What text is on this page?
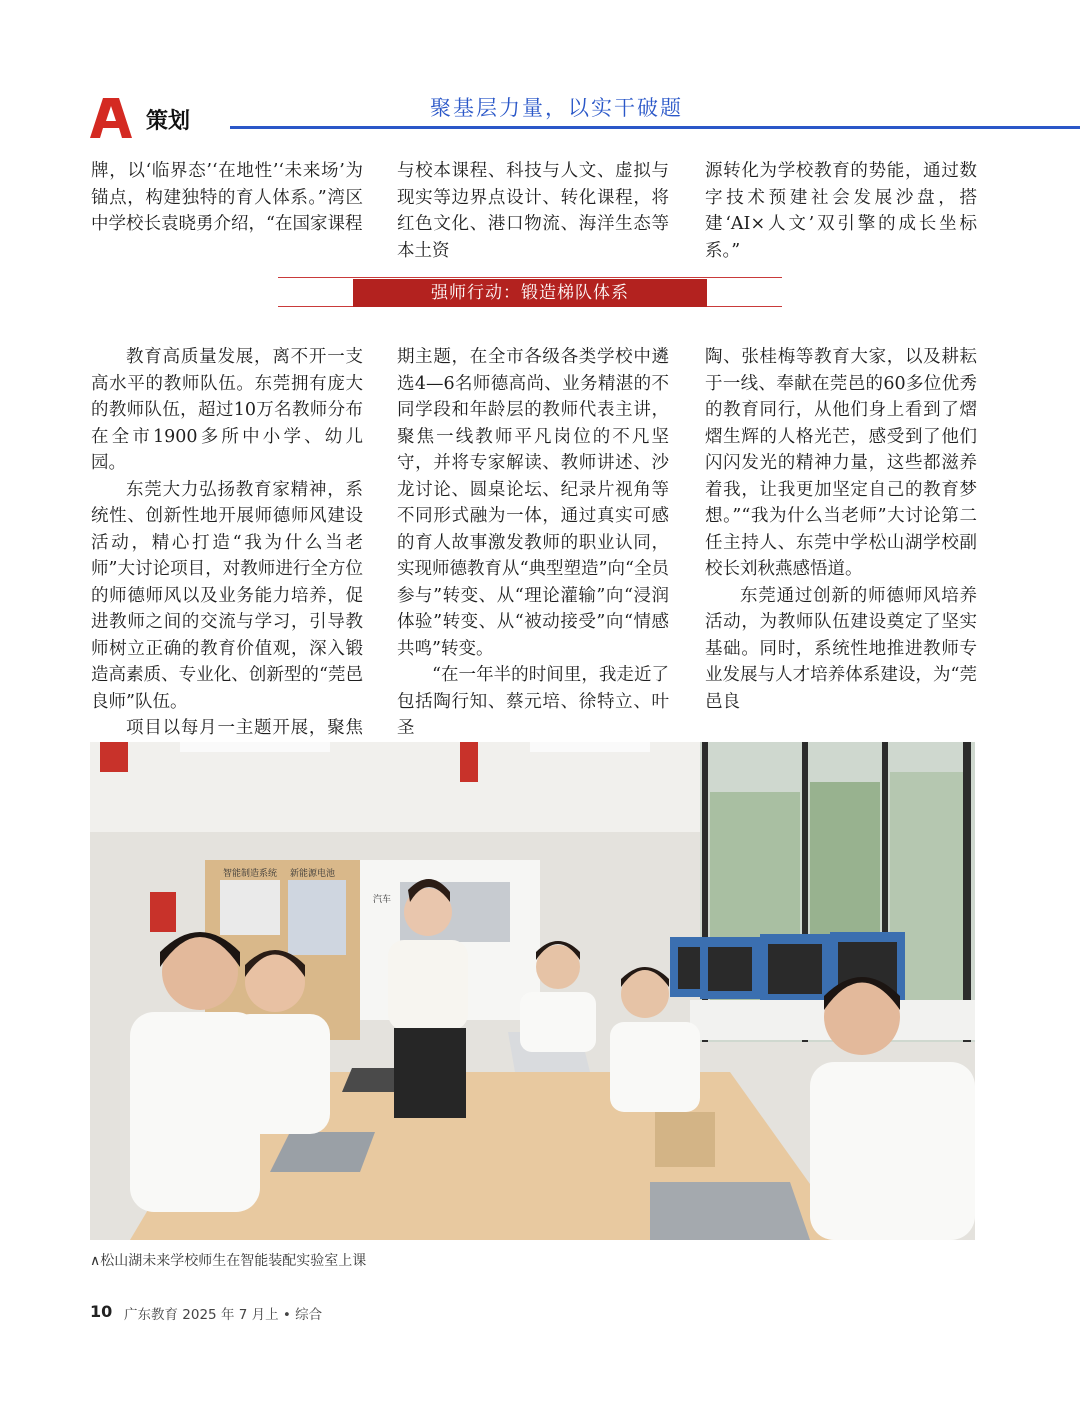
策划
聚基层力量，以实干破题

牌，以‘临界态’‘在地性’‘未来场’为锚点，构建独特的育人体系。”湾区中学校长袁晓勇介绍，“在国家课程

与校本课程、科技与人文、虚拟与现实等边界点设计、转化课程，将红色文化、港口物流、海洋生态等本土资

源转化为学校教育的势能，通过数字技术预建社会发展沙盘，搭建‘AI×人文’双引擎的成长坐标系。”

强师行动：锻造梯队体系

教育高质量发展，离不开一支高水平的教师队伍。东莞拥有庞大的教师队伍，超过10万名教师分布在全市1900多所中小学、幼儿园。

东莞大力弘扬教育家精神，系统性、创新性地开展师德师风建设活动，精心打造“我为什么当老师”大讨论项目，对教师进行全方位的师德师风以及业务能力培养，促进教师之间的交流与学习，引导教师树立正确的教育价值观，深入锻造高素质、专业化、创新型的“莞邑良师”队伍。

项目以每月一主题开展，聚焦

期主题，在全市各级各类学校中遴选4—6名师德高尚、业务精湛的不同学段和年龄层的教师代表主讲，聚焦一线教师平凡岗位的不凡坚守，并将专家解读、教师讲述、沙龙讨论、圆桌论坛、纪录片视角等不同形式融为一体，通过真实可感的育人故事激发教师的职业认同，实现师德教育从“典型塑造”向“全员参与”转变、从“理论灌输”向“浸润体验”转变、从“被动接受”向“情感共鸣”转变。

“在一年半的时间里，我走近了包括陶行知、蔡元培、徐特立、叶圣

陶、张桂梅等教育大家，以及耕耘于一线、奉献在莞邑的60多位优秀的教育同行，从他们身上看到了熠熠生辉的人格光芒，感受到了他们闪闪发光的精神力量，这些都滋养着我，让我更加坚定自己的教育梦想。”“我为什么当老师”大讨论第二任主持人、东莞中学松山湖学校副校长刘秋燕感悟道。

东莞通过创新的师德师风培养活动，为教师队伍建设奠定了坚实基础。同时，系统性地推进教师专业发展与人才培养体系建设，为“莞邑良

智能制造系统 新能源电池
汽车
∧松山湖未来学校师生在智能装配实验室上课
10 广东教育 2025 年 7 月上 • 综合
